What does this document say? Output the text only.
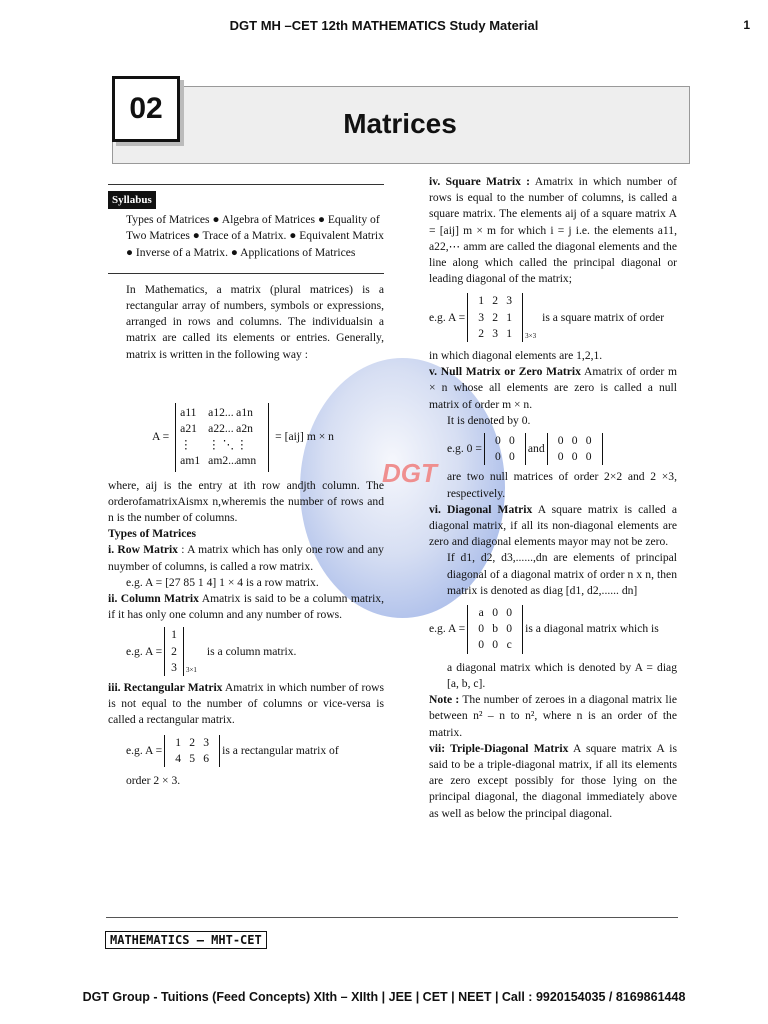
DGT MH –CET 12th MATHEMATICS Study Material	1
Matrices
02
DGT
Syllabus

Types of Matrices ● Algebra of Matrices ● Equality of Two Matrices ● Trace of a Matrix. ● Equivalent Matrix ● Inverse of a Matrix. ● Applications of Matrices

In Mathematics, a matrix (plural matrices) is a rectangular array of numbers, symbols or expressions, arranged in rows and columns. The individualsin a matrix are called its elements or entries. Generally, matrix is written in the following way :

A =
a11 a12... a1n
a21 a22... a2n
⋮ ⋮ ⋱ ⋮
am1 am2...amn
= [aij] m × n

where, aij is the entry at ith row andjth column. The orderofamatrixAismx n,wheremis the number of rows and n is the number of columns.

Types of Matrices

i. Row Matrix : A matrix which has only one row and any nuymber of columns, is called a row matrix.

e.g. A = [27 85 1 4] 1 × 4 is a row matrix.

ii. Column Matrix Amatrix is said to be a column matrix, if it has only one column and any number of rows.

e.g. A =
1
2
3 $_{3\times 1}$
is a column matrix.

iii. Rectangular Matrix Amatrix in which number of rows is not equal to the number of columns or vice-versa is called a rectangular matrix.

e.g. A =
1 2 3
4 5 6
is a rectangular matrix of

order 2 × 3.

iv. Square Matrix : Amatrix in which number of rows is equal to the number of columns, is called a square matrix. The elements aij of a square matrix A = [aij] m × m for which i = j i.e. the elements a11, a22,⋯ amm are called the diagonal elements and the line along which called the principal diagonal or leading diagonal of the matrix;

e.g. A =
1 2 3
3 2 1
2 3 1	$_{3\times 3}$
is a square matrix of order

in which diagonal elements are 1,2,1.

v. Null Matrix or Zero Matrix Amatrix of order m × n whose all elements are zero is called a null matrix of order m × n.

It is denoted by 0.

e.g. 0 =
0 0
0 0
and
0 0 0
0 0 0

are two null matrices of order 2×2 and 2 ×3, respectively.

vi. Diagonal Matrix A square matrix is called a diagonal matrix, if all its non-diagonal elements are zero and diagonal elements mayor may not be zero.

If d1, d2, d3,......,dn are elements of principal diagonal of a diagonal matrix of order n x n, then matrix is denoted as diag [d1, d2,...... dn]

e.g. A =
a 0 0
0 b 0
0 0 c
is a diagonal matrix which is

a diagonal matrix which is denoted by A = diag [a, b, c].

Note : The number of zeroes in a diagonal matrix lie between n² – n to n², where n is an order of the matrix.

vii: Triple-Diagonal Matrix A square matrix A is said to be a triple-diagonal matrix, if all its elements are zero except possibly for those lying on the principal diagonal, the diagonal immediately above as well as below the principal diagonal.

MATHEMATICS – MHT-CET
DGT Group - Tuitions (Feed Concepts) XIth – XIIth | JEE | CET | NEET | Call : 9920154035 / 8169861448
